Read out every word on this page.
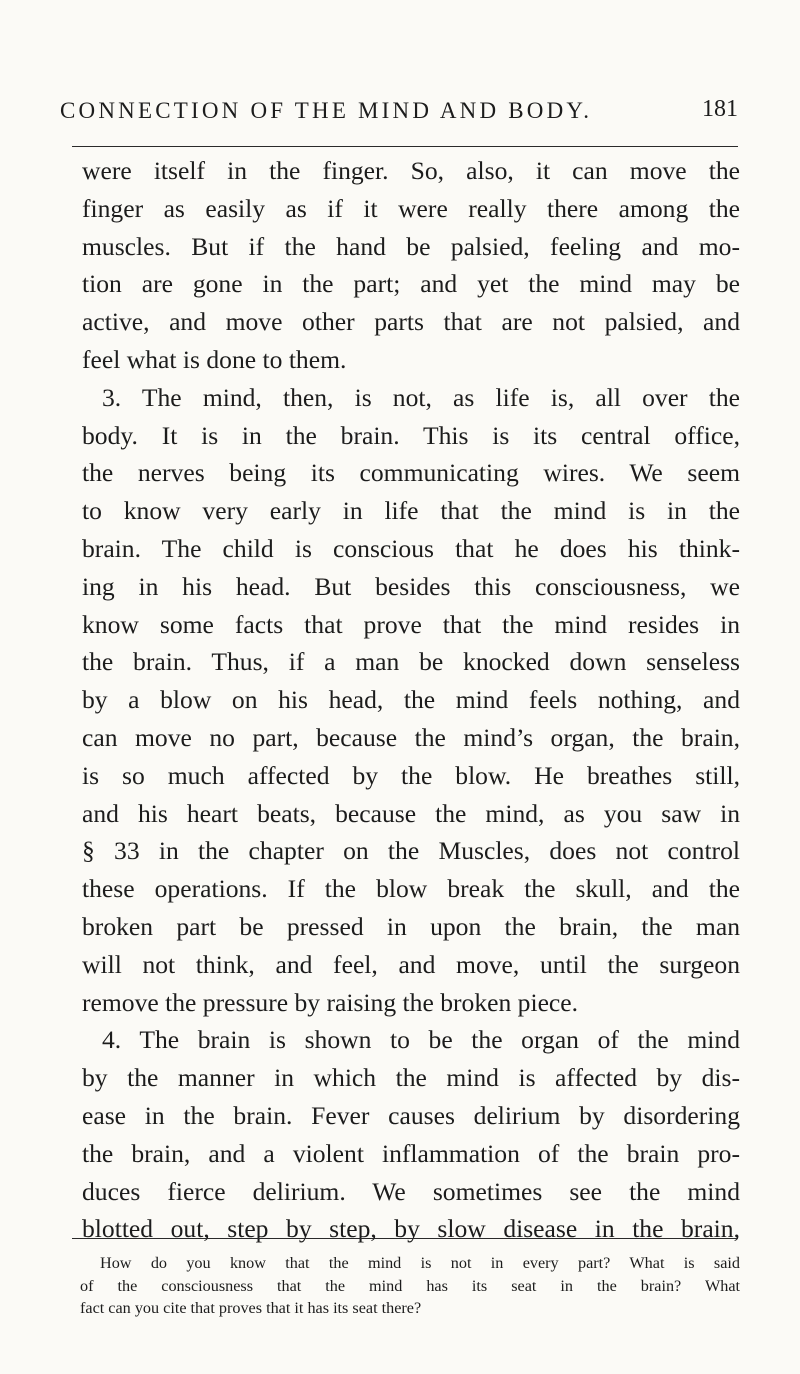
CONNECTION OF THE MIND AND BODY.	181
were itself in the finger. So, also, it can move the
finger as easily as if it were really there among the
muscles. But if the hand be palsied, feeling and mo-
tion are gone in the part; and yet the mind may be
active, and move other parts that are not palsied, and
feel what is done to them.
3. The mind, then, is not, as life is, all over the
body. It is in the brain. This is its central office,
the nerves being its communicating wires. We seem
to know very early in life that the mind is in the
brain. The child is conscious that he does his think-
ing in his head. But besides this consciousness, we
know some facts that prove that the mind resides in
the brain. Thus, if a man be knocked down senseless
by a blow on his head, the mind feels nothing, and
can move no part, because the mind’s organ, the brain,
is so much affected by the blow. He breathes still,
and his heart beats, because the mind, as you saw in
§ 33 in the chapter on the Muscles, does not control
these operations. If the blow break the skull, and the
broken part be pressed in upon the brain, the man
will not think, and feel, and move, until the surgeon
remove the pressure by raising the broken piece.
4. The brain is shown to be the organ of the mind
by the manner in which the mind is affected by dis-
ease in the brain. Fever causes delirium by disordering
the brain, and a violent inflammation of the brain pro-
duces fierce delirium. We sometimes see the mind
blotted out, step by step, by slow disease in the brain,
How do you know that the mind is not in every part? What is said
of the consciousness that the mind has its seat in the brain? What
fact can you cite that proves that it has its seat there?
